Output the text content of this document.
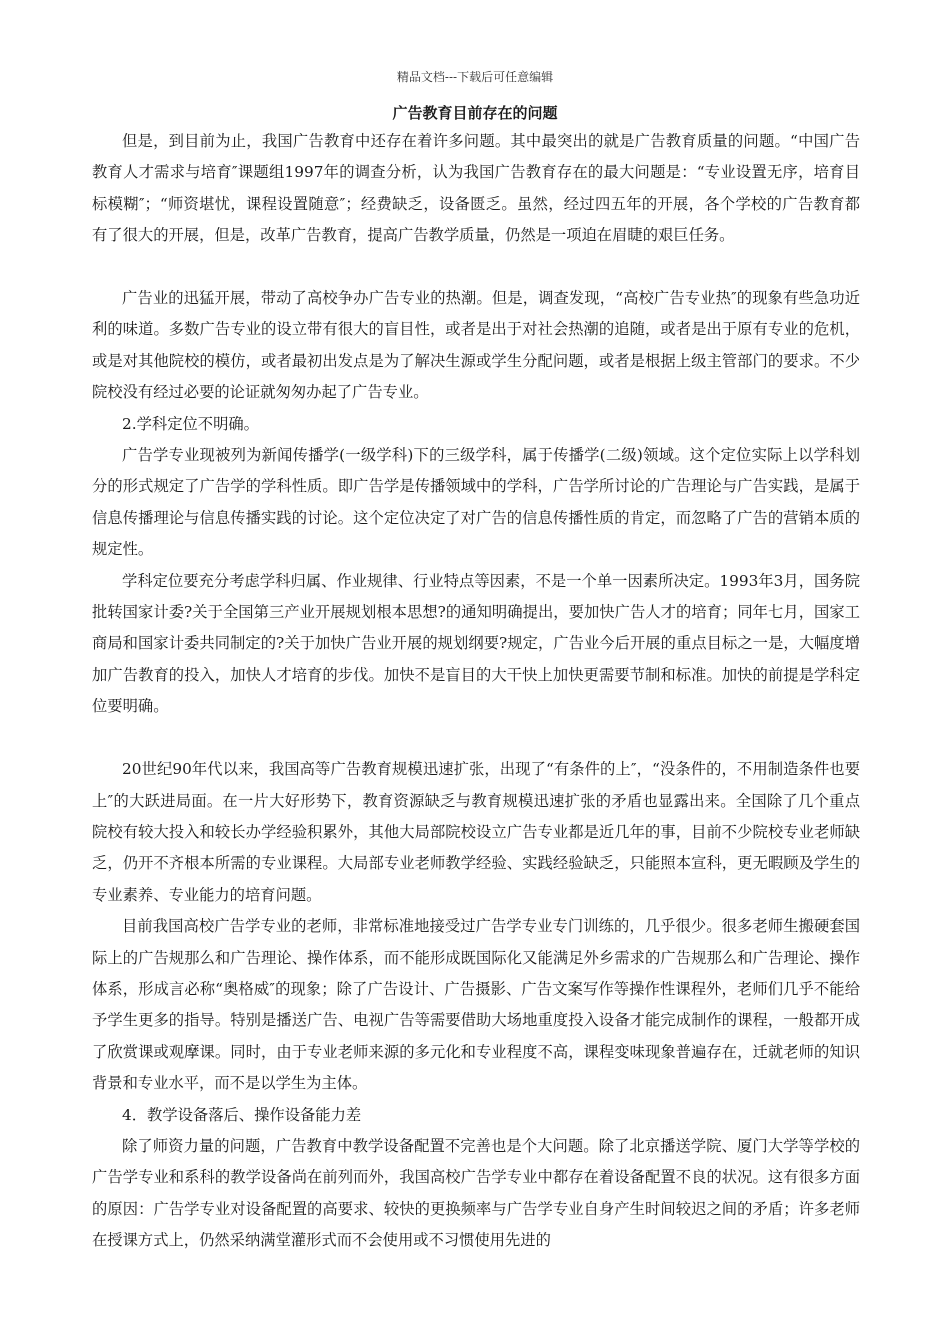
精品文档---下载后可任意编辑
广告教育目前存在的问题

但是，到目前为止，我国广告教育中还存在着许多问题。其中最突出的就是广告教育质量的问题。“中国广告教育人才需求与培育″课题组1997年的调查分析，认为我国广告教育存在的最大问题是：“专业设置无序，培育目标模糊″；“师资堪忧，课程设置随意″；经费缺乏，设备匮乏。虽然，经过四五年的开展，各个学校的广告教育都有了很大的开展，但是，改革广告教育，提高广告教学质量，仍然是一项迫在眉睫的艰巨任务。

广告业的迅猛开展，带动了高校争办广告专业的热潮。但是，调查发现，“高校广告专业热″的现象有些急功近利的味道。多数广告专业的设立带有很大的盲目性，或者是出于对社会热潮的追随，或者是出于原有专业的危机，或是对其他院校的模仿，或者最初出发点是为了解决生源或学生分配问题，或者是根据上级主管部门的要求。不少院校没有经过必要的论证就匆匆办起了广告专业。

2.学科定位不明确。

广告学专业现被列为新闻传播学(一级学科)下的三级学科，属于传播学(二级)领域。这个定位实际上以学科划分的形式规定了广告学的学科性质。即广告学是传播领域中的学科，广告学所讨论的广告理论与广告实践，是属于信息传播理论与信息传播实践的讨论。这个定位决定了对广告的信息传播性质的肯定，而忽略了广告的营销本质的规定性。

学科定位要充分考虑学科归属、作业规律、行业特点等因素，不是一个单一因素所决定。1993年3月，国务院批转国家计委?关于全国第三产业开展规划根本思想?的通知明确提出，要加快广告人才的培育；同年七月，国家工商局和国家计委共同制定的?关于加快广告业开展的规划纲要?规定，广告业今后开展的重点目标之一是，大幅度增加广告教育的投入，加快人才培育的步伐。加快不是盲目的大干快上加快更需要节制和标准。加快的前提是学科定位要明确。

20世纪90年代以来，我国高等广告教育规模迅速扩张，出现了“有条件的上″，“没条件的，不用制造条件也要上″的大跃进局面。在一片大好形势下，教育资源缺乏与教育规模迅速扩张的矛盾也显露出来。全国除了几个重点院校有较大投入和较长办学经验积累外，其他大局部院校设立广告专业都是近几年的事，目前不少院校专业老师缺乏，仍开不齐根本所需的专业课程。大局部专业老师教学经验、实践经验缺乏，只能照本宣科，更无暇顾及学生的专业素养、专业能力的培育问题。

目前我国高校广告学专业的老师，非常标准地接受过广告学专业专门训练的，几乎很少。很多老师生搬硬套国际上的广告规那么和广告理论、操作体系，而不能形成既国际化又能满足外乡需求的广告规那么和广告理论、操作体系，形成言必称“奥格威″的现象；除了广告设计、广告摄影、广告文案写作等操作性课程外，老师们几乎不能给予学生更多的指导。特别是播送广告、电视广告等需要借助大场地重度投入设备才能完成制作的课程，一般都开成了欣赏课或观摩课。同时，由于专业老师来源的多元化和专业程度不高，课程变味现象普遍存在，迁就老师的知识背景和专业水平，而不是以学生为主体。

4．教学设备落后、操作设备能力差

除了师资力量的问题，广告教育中教学设备配置不完善也是个大问题。除了北京播送学院、厦门大学等学校的广告学专业和系科的教学设备尚在前列而外，我国高校广告学专业中都存在着设备配置不良的状况。这有很多方面的原因：广告学专业对设备配置的高要求、较快的更换频率与广告学专业自身产生时间较迟之间的矛盾；许多老师在授课方式上，仍然采纳满堂灌形式而不会使用或不习惯使用先进的
